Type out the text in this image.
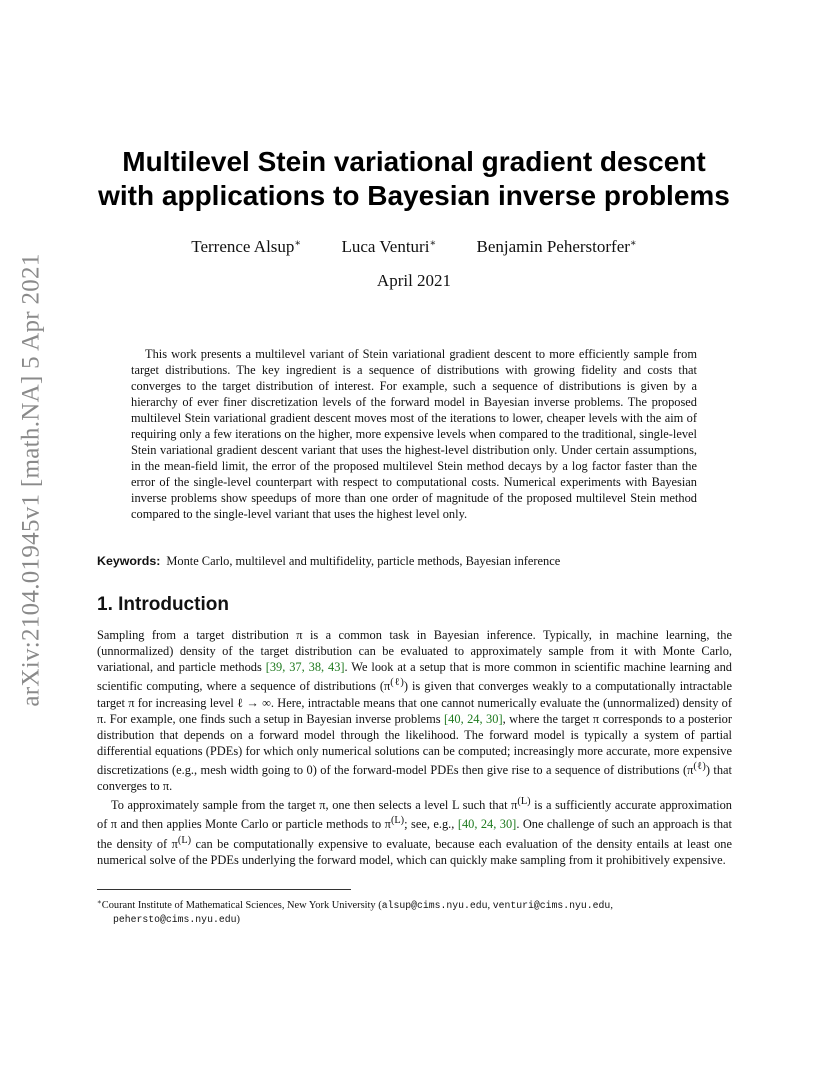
arXiv:2104.01945v1 [math.NA] 5 Apr 2021
Multilevel Stein variational gradient descent
with applications to Bayesian inverse problems
Terrence Alsup∗ Luca Venturi∗ Benjamin Peherstorfer∗
April 2021
This work presents a multilevel variant of Stein variational gradient descent to more efficiently sample from target distributions. The key ingredient is a sequence of distributions with growing fidelity and costs that converges to the target distribution of interest. For example, such a sequence of distributions is given by a hierarchy of ever finer discretization levels of the forward model in Bayesian inverse problems. The proposed multilevel Stein variational gradient descent moves most of the iterations to lower, cheaper levels with the aim of requiring only a few iterations on the higher, more expensive levels when compared to the traditional, single-level Stein variational gradient descent variant that uses the highest-level distribution only. Under certain assumptions, in the mean-field limit, the error of the proposed multilevel Stein method decays by a log factor faster than the error of the single-level counterpart with respect to computational costs. Numerical experiments with Bayesian inverse problems show speedups of more than one order of magnitude of the proposed multilevel Stein method compared to the single-level variant that uses the highest level only.
Keywords: Monte Carlo, multilevel and multifidelity, particle methods, Bayesian inference
1. Introduction

Sampling from a target distribution π is a common task in Bayesian inference. Typically, in machine learning, the (unnormalized) density of the target distribution can be evaluated to approximately sample from it with Monte Carlo, variational, and particle methods [39, 37, 38, 43]. We look at a setup that is more common in scientific machine learning and scientific computing, where a sequence of distributions $(\pi^{(\ell)})$ is given that converges weakly to a computationally intractable target π for increasing level ℓ → ∞. Here, intractable means that one cannot numerically evaluate the (unnormalized) density of π. For example, one finds such a setup in Bayesian inverse problems [40, 24, 30], where the target π corresponds to a posterior distribution that depends on a forward model through the likelihood. The forward model is typically a system of partial differential equations (PDEs) for which only numerical solutions can be computed; increasingly more accurate, more expensive discretizations (e.g., mesh width going to 0) of the forward-model PDEs then give rise to a sequence of distributions $(\pi^{(\ell)})$ that converges to π.

To approximately sample from the target π, one then selects a level L such that $\pi^{(L)}$ is a sufficiently accurate approximation of π and then applies Monte Carlo or particle methods to $\pi^{(L)}$; see, e.g., [40, 24, 30]. One challenge of such an approach is that the density of $\pi^{(L)}$ can be computationally expensive to evaluate, because each evaluation of the density entails at least one numerical solve of the PDEs underlying the forward model, which can quickly make sampling from it prohibitively expensive.

∗Courant Institute of Mathematical Sciences, New York University (alsup@cims.nyu.edu, venturi@cims.nyu.edu,
pehersto@cims.nyu.edu)
